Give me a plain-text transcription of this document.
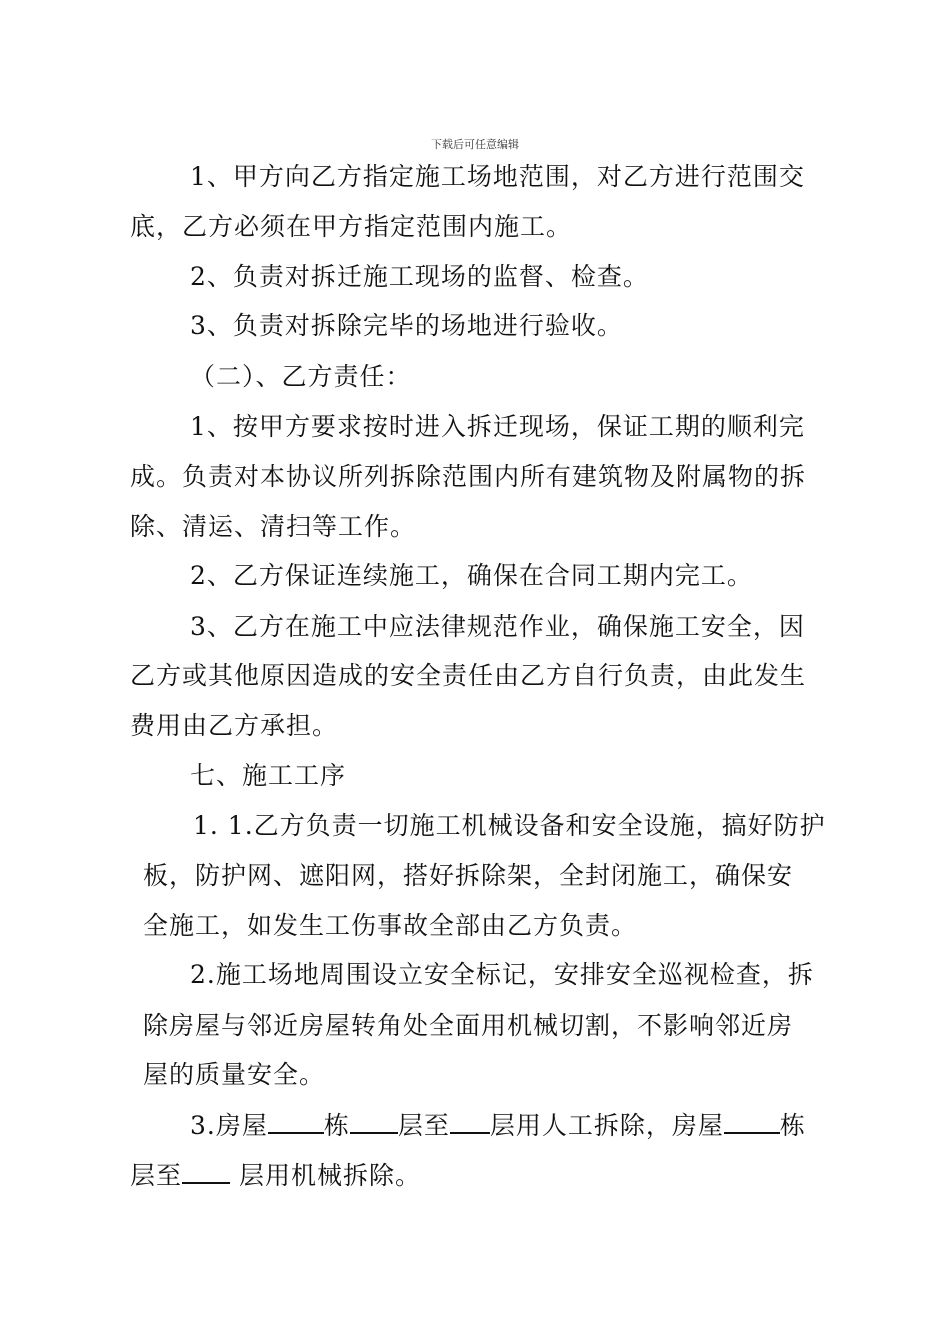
下载后可任意编辑
1、甲方向乙方指定施工场地范围，对乙方进行范围交
底，乙方必须在甲方指定范围内施工。
2、负责对拆迁施工现场的监督、检查。
3、负责对拆除完毕的场地进行验收。
（二）、乙方责任：
1、按甲方要求按时进入拆迁现场，保证工期的顺利完
成。负责对本协议所列拆除范围内所有建筑物及附属物的拆
除、清运、清扫等工作。
2、乙方保证连续施工，确保在合同工期内完工。
3、乙方在施工中应法律规范作业，确保施工安全，因
乙方或其他原因造成的安全责任由乙方自行负责，由此发生
费用由乙方承担。
七、施工工序
1. 1.乙方负责一切施工机械设备和安全设施，搞好防护
板，防护网、遮阳网，搭好拆除架，全封闭施工，确保安
全施工，如发生工伤事故全部由乙方负责。
2.施工场地周围设立安全标记，安排安全巡视检查，拆
除房屋与邻近房屋转角处全面用机械切割，不影响邻近房
屋的质量安全。
3.房屋 栋 层至 层用人工拆除，房屋 栋
层至 层用机械拆除。
